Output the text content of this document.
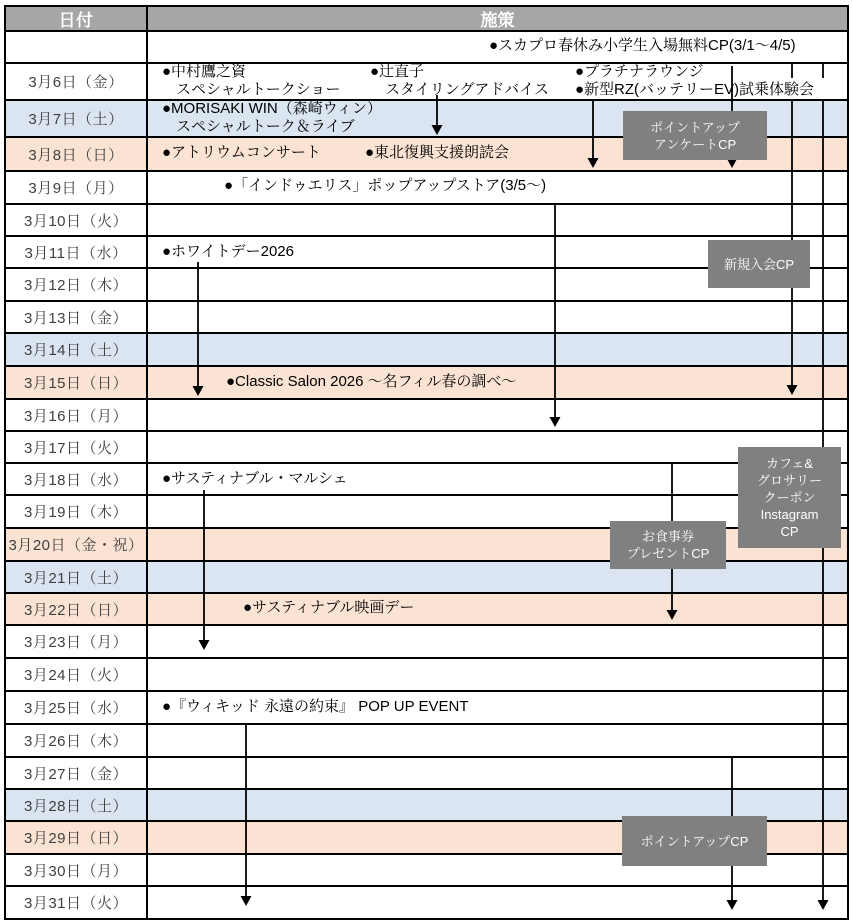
日付	施策
3月6日（金）
3月7日（土）
3月8日（日）
3月9日（月）
3月10日（火）
3月11日（水）
3月12日（木）
3月13日（金）
3月14日（土）
3月15日（日）
3月16日（月）
3月17日（火）
3月18日（水）
3月19日（木）
3月20日（金・祝）
3月21日（土）
3月22日（日）
3月23日（月）
3月24日（火）
3月25日（水）
3月26日（木）
3月27日（金）
3月28日（土）
3月29日（日）
3月30日（月）
3月31日（火）
●スカプロ春休み小学生入場無料CP(3/1〜4/5)
●中村鷹之資
スペシャルトークショー
●辻直子
スタイリングアドバイス
●プラチナラウンジ
●新型RZ(バッテリーEV)試乗体験会
●MORISAKI WIN（森崎ウィン）
スペシャルトーク＆ライブ
●アトリウムコンサート	●東北復興支援朗読会
●「インドゥエリス」ポップアップストア(3/5〜)
●ホワイトデー2026
●Classic Salon 2026 〜名フィル春の調べ〜
●サスティナブル・マルシェ
●サスティナブル映画デー
●『ウィキッド 永遠の約束』 POP UP EVENT
ポイントアップ
アンケートCP
新規入会CP
カフェ&
グロサリー
クーポン
Instagram
CP
お食事券
プレゼントCP
ポイントアップCP
